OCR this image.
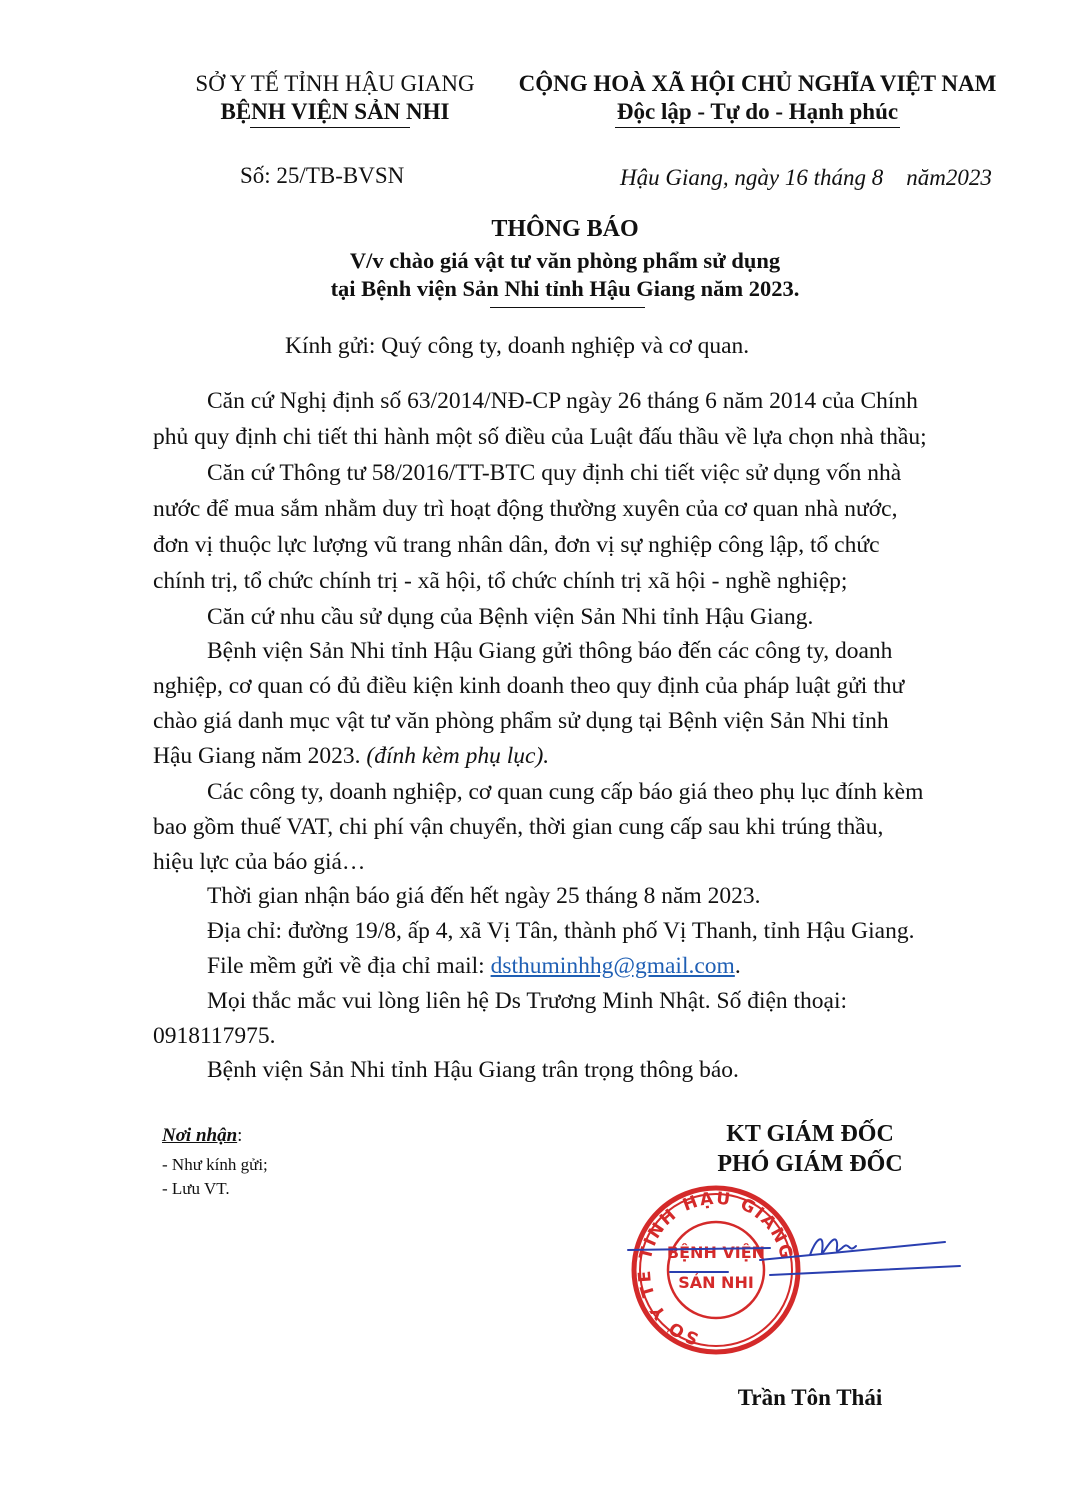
SỞ Y TẾ TỈNH HẬU GIANG
BỆNH VIỆN SẢN NHI
CỘNG HOÀ XÃ HỘI CHỦ NGHĨA VIỆT NAM
Độc lập - Tự do - Hạnh phúc
Số: 25/TB-BVSN	Hậu Giang, ngày 16 tháng 8    năm2023
THÔNG BÁO
V/v chào giá vật tư văn phòng phẩm sử dụng
tại Bệnh viện Sản Nhi tỉnh Hậu Giang năm 2023.
Kính gửi: Quý công ty, doanh nghiệp và cơ quan.
Căn cứ Nghị định số 63/2014/NĐ-CP ngày 26 tháng 6 năm 2014 của Chính
phủ quy định chi tiết thi hành một số điều của Luật đấu thầu về lựa chọn nhà thầu;
Căn cứ Thông tư 58/2016/TT-BTC quy định chi tiết việc sử dụng vốn nhà
nước để mua sắm nhằm duy trì hoạt động thường xuyên của cơ quan nhà nước,
đơn vị thuộc lực lượng vũ trang nhân dân, đơn vị sự nghiệp công lập, tổ chức
chính trị, tổ chức chính trị - xã hội, tổ chức chính trị xã hội - nghề nghiệp;
Căn cứ nhu cầu sử dụng của Bệnh viện Sản Nhi tỉnh Hậu Giang.
Bệnh viện Sản Nhi tỉnh Hậu Giang gửi thông báo đến các công ty, doanh
nghiệp, cơ quan có đủ điều kiện kinh doanh theo quy định của pháp luật gửi thư
chào giá danh mục vật tư văn phòng phẩm sử dụng tại Bệnh viện Sản Nhi tỉnh
Hậu Giang năm 2023. (đính kèm phụ lục).
Các công ty, doanh nghiệp, cơ quan cung cấp báo giá theo phụ lục đính kèm
bao gồm thuế VAT, chi phí vận chuyển, thời gian cung cấp sau khi trúng thầu,
hiệu lực của báo giá…
Thời gian nhận báo giá đến hết ngày 25 tháng 8 năm 2023.
Địa chỉ: đường 19/8, ấp 4, xã Vị Tân, thành phố Vị Thanh, tỉnh Hậu Giang.
File mềm gửi về địa chỉ mail: dsthuminhhg@gmail.com.
Mọi thắc mắc vui lòng liên hệ Ds Trương Minh Nhật. Số điện thoại:
0918117975.
Bệnh viện Sản Nhi tỉnh Hậu Giang trân trọng thông báo.
Nơi nhận:
- Như kính gửi;
- Lưu VT.
KT GIÁM ĐỐC
PHÓ GIÁM ĐỐC
SỞ Y TẾ TỈNH HẬU GIANG
BỆNH VIỆN
SẢN NHI
Trần Tôn Thái
